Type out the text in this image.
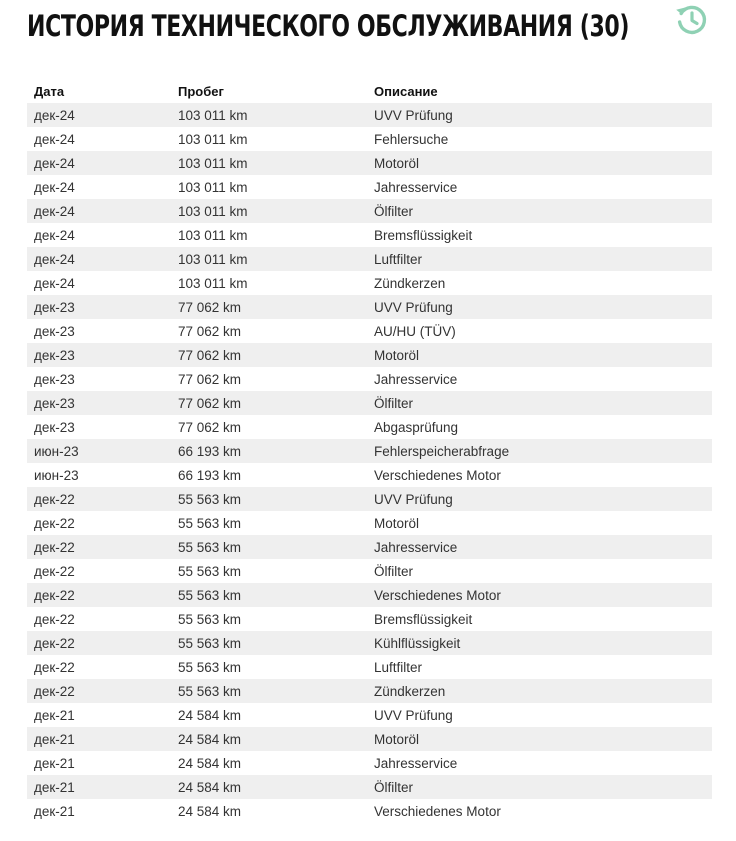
ИСТОРИЯ ТЕХНИЧЕСКОГО ОБСЛУЖИВАНИЯ (30)
Дата	Пробег	Описание
дек-24	103 011 km	UVV Prüfung
дек-24	103 011 km	Fehlersuche
дек-24	103 011 km	Motoröl
дек-24	103 011 km	Jahresservice
дек-24	103 011 km	Ölfilter
дек-24	103 011 km	Bremsflüssigkeit
дек-24	103 011 km	Luftfilter
дек-24	103 011 km	Zündkerzen
дек-23	77 062 km	UVV Prüfung
дек-23	77 062 km	AU/HU (TÜV)
дек-23	77 062 km	Motoröl
дек-23	77 062 km	Jahresservice
дек-23	77 062 km	Ölfilter
дек-23	77 062 km	Abgasprüfung
июн-23	66 193 km	Fehlerspeicherabfrage
июн-23	66 193 km	Verschiedenes Motor
дек-22	55 563 km	UVV Prüfung
дек-22	55 563 km	Motoröl
дек-22	55 563 km	Jahresservice
дек-22	55 563 km	Ölfilter
дек-22	55 563 km	Verschiedenes Motor
дек-22	55 563 km	Bremsflüssigkeit
дек-22	55 563 km	Kühlflüssigkeit
дек-22	55 563 km	Luftfilter
дек-22	55 563 km	Zündkerzen
дек-21	24 584 km	UVV Prüfung
дек-21	24 584 km	Motoröl
дек-21	24 584 km	Jahresservice
дек-21	24 584 km	Ölfilter
дек-21	24 584 km	Verschiedenes Motor
